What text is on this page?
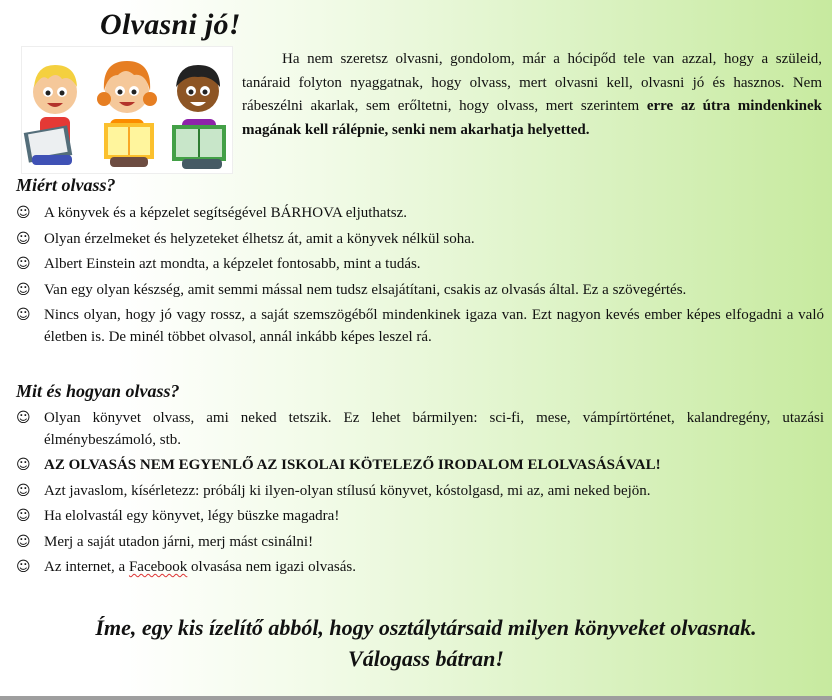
Olvasni jó!
Ha nem szeretsz olvasni, gondolom, már a hócipőd tele van azzal, hogy a szüleid, tanáraid folyton nyaggatnak, hogy olvass, mert olvasni kell, olvasni jó és hasznos. Nem rábeszélni akarlak, sem erőltetni, hogy olvass, mert szerintem erre az útra mindenkinek magának kell rálépnie, senki nem akarhatja helyetted.
Miért olvass?
☺ A könyvek és a képzelet segítségével BÁRHOVA eljuthatsz.
☺ Olyan érzelmeket és helyzeteket élhetsz át, amit a könyvek nélkül soha.
☺ Albert Einstein azt mondta, a képzelet fontosabb, mint a tudás.
☺ Van egy olyan készség, amit semmi mással nem tudsz elsajátítani, csakis az olvasás által. Ez a szövegértés.
☺ Nincs olyan, hogy jó vagy rossz, a saját szemszögéből mindenkinek igaza van. Ezt nagyon kevés ember képes elfogadni a való életben is. De minél többet olvasol, annál inkább képes leszel rá.
Mit és hogyan olvass?
☺ Olyan könyvet olvass, ami neked tetszik. Ez lehet bármilyen: sci-fi, mese, vámpírtörténet, kalandregény, utazási élménybeszámoló, stb.
☺ AZ OLVASÁS NEM EGYENLŐ AZ ISKOLAI KÖTELEZŐ IRODALOM ELOLVASÁSÁVAL!
☺ Azt javaslom, kísérletezz: próbálj ki ilyen-olyan stílusú könyvet, kóstolgasd, mi az, ami neked bejön.
☺ Ha elolvastál egy könyvet, légy büszke magadra!
☺ Merj a saját utadon járni, merj mást csinálni!
☺ Az internet, a Facebook olvasása nem igazi olvasás.
Íme, egy kis ízelítő abból, hogy osztálytársaid milyen könyveket olvasnak.
Válogass bátran!
